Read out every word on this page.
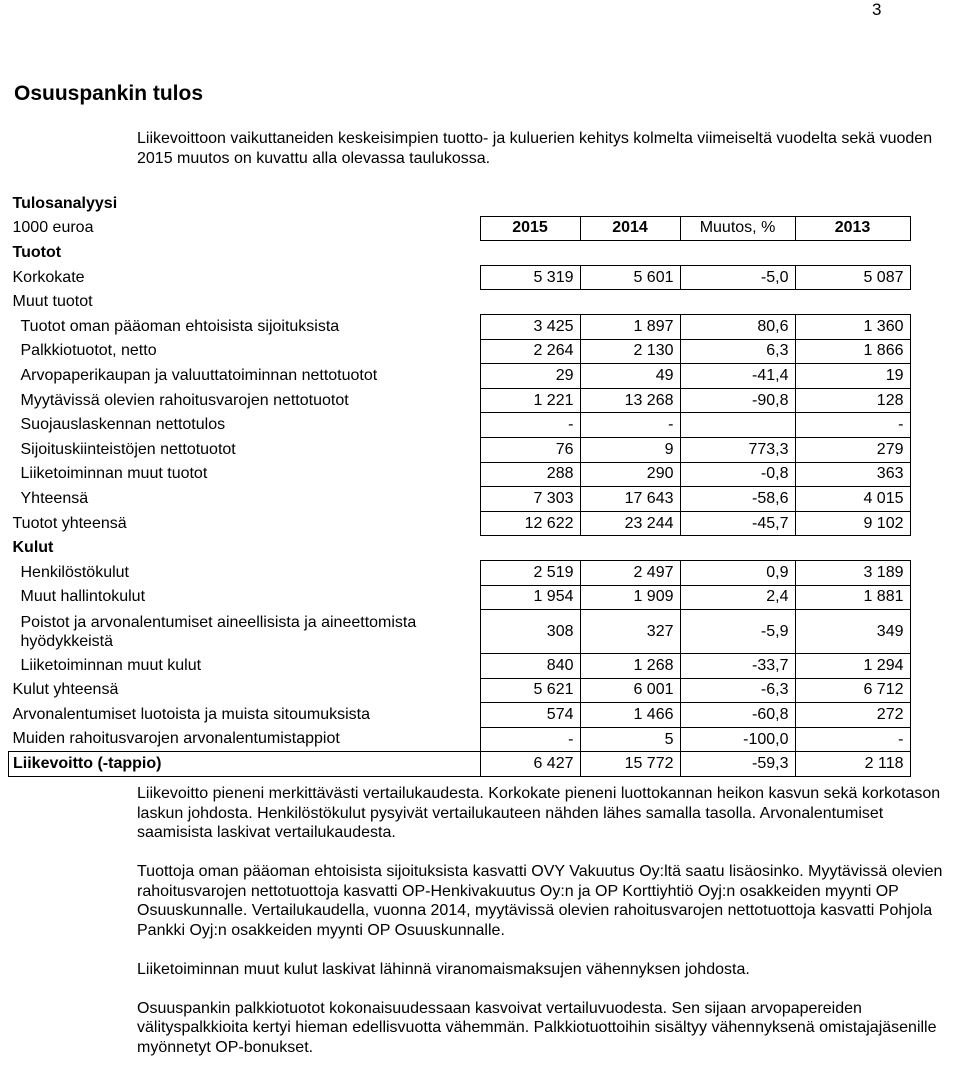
3
Osuuspankin tulos

Liikevoittoon vaikuttaneiden keskeisimpien tuotto- ja kuluerien kehitys kolmelta viimeiseltä vuodelta sekä vuoden 2015 muutos on kuvattu alla olevassa taulukossa.

Tulosanalyysi				
1000 euroa	2015	2014	Muutos, %	2013
Tuotot				
Korkokate	5 319	5 601	-5,0	5 087
Muut tuotot				
Tuotot oman pääoman ehtoisista sijoituksista	3 425	1 897	80,6	1 360
Palkkiotuotot, netto	2 264	2 130	6,3	1 866
Arvopaperikaupan ja valuuttatoiminnan nettotuotot	29	49	-41,4	19
Myytävissä olevien rahoitusvarojen nettotuotot	1 221	13 268	-90,8	128
Suojauslaskennan nettotulos	-	-		-
Sijoituskiinteistöjen nettotuotot	76	9	773,3	279
Liiketoiminnan muut tuotot	288	290	-0,8	363
Yhteensä	7 303	17 643	-58,6	4 015
Tuotot yhteensä	12 622	23 244	-45,7	9 102
Kulut				
Henkilöstökulut	2 519	2 497	0,9	3 189
Muut hallintokulut	1 954	1 909	2,4	1 881
Poistot ja arvonalentumiset aineellisista ja aineettomista hyödykkeistä	308	327	-5,9	349
Liiketoiminnan muut kulut	840	1 268	-33,7	1 294
Kulut yhteensä	5 621	6 001	-6,3	6 712
Arvonalentumiset luotoista ja muista sitoumuksista	574	1 466	-60,8	272
Muiden rahoitusvarojen arvonalentumistappiot	-	5	-100,0	-
Liikevoitto (-tappio)	6 427	15 772	-59,3	2 118

Liikevoitto pieneni merkittävästi vertailukaudesta. Korkokate pieneni luottokannan heikon kasvun sekä korkotason laskun johdosta. Henkilöstökulut pysyivät vertailukauteen nähden lähes samalla tasolla. Arvonalentumiset saamisista laskivat vertailukaudesta.

Tuottoja oman pääoman ehtoisista sijoituksista kasvatti OVY Vakuutus Oy:ltä saatu lisäosinko. Myytävissä olevien rahoitusvarojen nettotuottoja kasvatti OP-Henkivakuutus Oy:n ja OP Korttiyhtiö Oyj:n osakkeiden myynti OP Osuuskunnalle. Vertailukaudella, vuonna 2014, myytävissä olevien rahoitusvarojen nettotuottoja kasvatti Pohjola Pankki Oyj:n osakkeiden myynti OP Osuuskunnalle.

Liiketoiminnan muut kulut laskivat lähinnä viranomaismaksujen vähennyksen johdosta.

Osuuspankin palkkiotuotot kokonaisuudessaan kasvoivat vertailuvuodesta. Sen sijaan arvopapereiden välityspalkkioita kertyi hieman edellisvuotta vähemmän. Palkkiotuottoihin sisältyy vähennyksenä omistajajäsenille myönnetyt OP-bonukset.
